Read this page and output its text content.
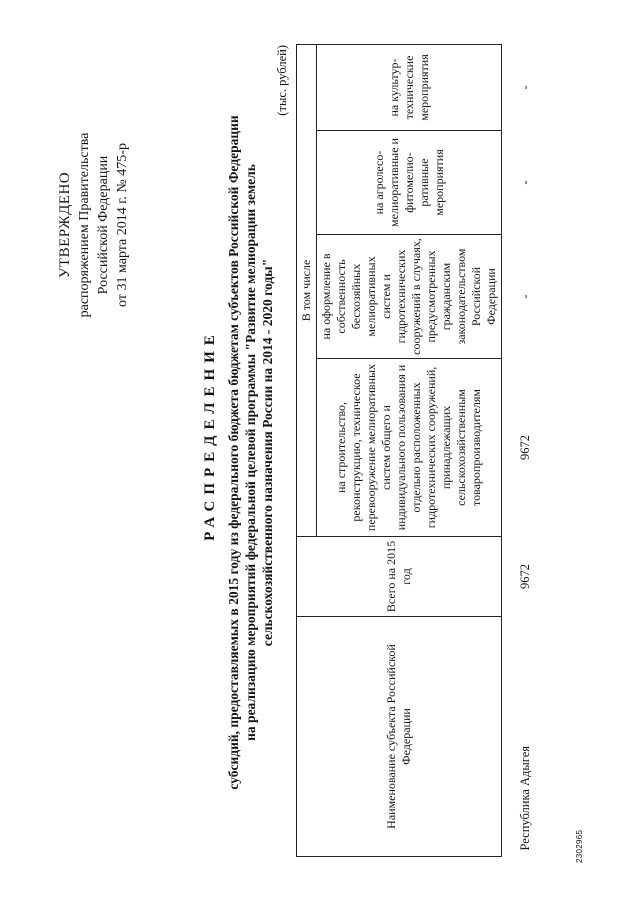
УТВЕРЖДЕНО распоряжением Правительства Российской Федерации от 31 марта 2014 г. № 475-р
РАСПРЕДЕЛЕНИЕ субсидий, предоставляемых в 2015 году из федерального бюджета бюджетам субъектов Российской Федерации на реализацию мероприятий федеральной целевой программы "Развитие мелиорации земель сельскохозяйственного назначения России на 2014 - 2020 годы"
(тыс. рублей)
Наименование субъекта Российской Федерации	Всего на 2015 год	В том числе			
		на строительство, реконструкцию, техническое перевооружение мелиоративных систем общего и индивидуального пользования и отдельно расположенных гидротехнических сооружений, принадлежащих сельскохозяйственным товаропроизводителям	на оформление в собственность бесхозяйных мелиоративных систем и гидротехнических сооружений в случаях, предусмотренных гражданским законодательством Российской Федерации	на агролесо-мелиоративные и фитомелио-ративные мероприятия	на культур-технические мероприятия
Республика Адыгея	9672	9672	-	-	-
2302965
